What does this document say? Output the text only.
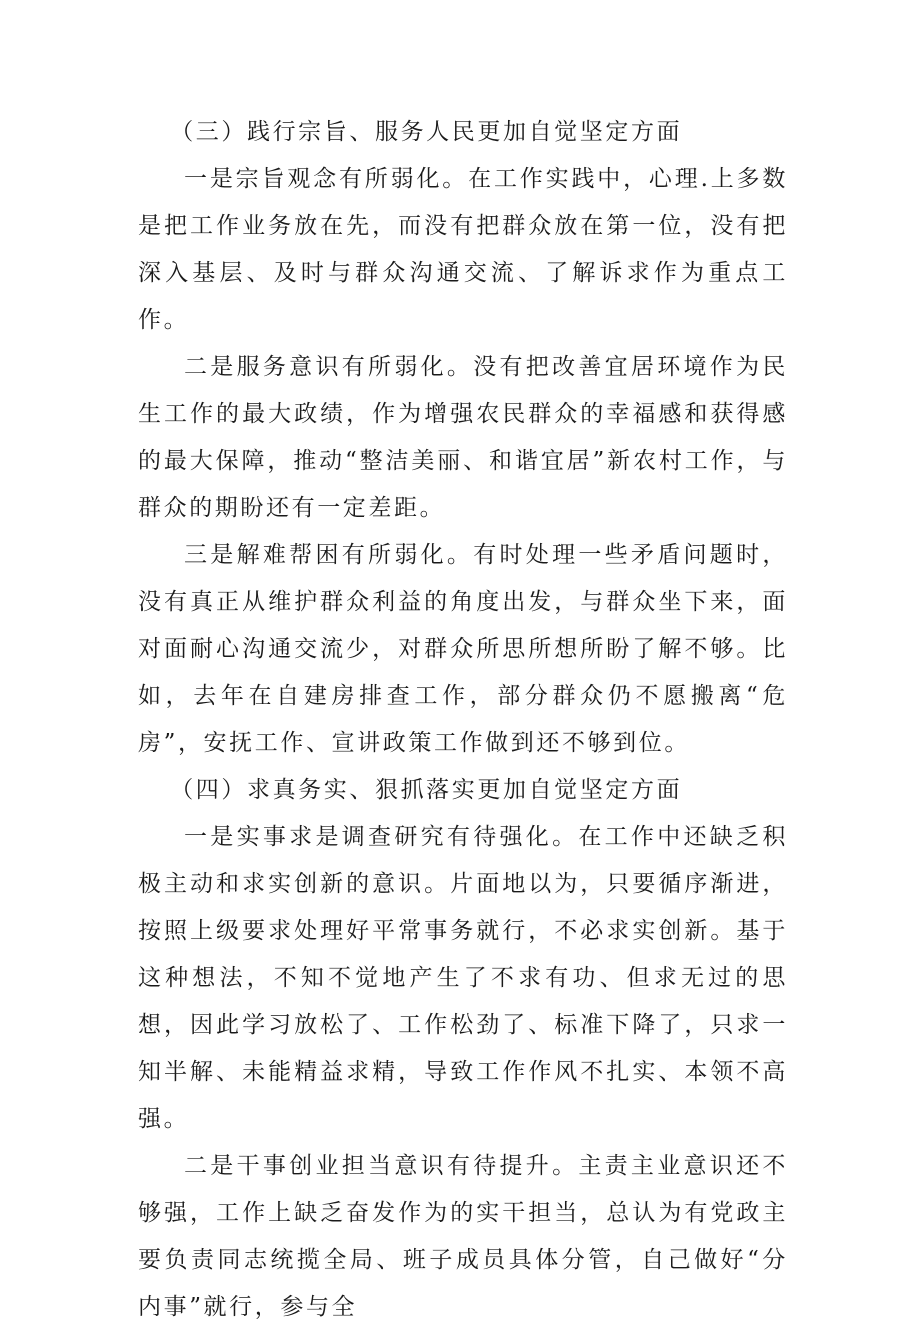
（三）践行宗旨、服务人民更加自觉坚定方面

一是宗旨观念有所弱化。在工作实践中，心理.上多数是把工作业务放在先，而没有把群众放在第一位，没有把深入基层、及时与群众沟通交流、了解诉求作为重点工作。

二是服务意识有所弱化。没有把改善宜居环境作为民生工作的最大政绩，作为增强农民群众的幸福感和获得感的最大保障，推动“整洁美丽、和谐宜居”新农村工作，与群众的期盼还有一定差距。

三是解难帮困有所弱化。有时处理一些矛盾问题时，没有真正从维护群众利益的角度出发，与群众坐下来，面对面耐心沟通交流少，对群众所思所想所盼了解不够。比如，去年在自建房排查工作，部分群众仍不愿搬离“危房”，安抚工作、宣讲政策工作做到还不够到位。

（四）求真务实、狠抓落实更加自觉坚定方面

一是实事求是调查研究有待强化。在工作中还缺乏积极主动和求实创新的意识。片面地以为，只要循序渐进，按照上级要求处理好平常事务就行，不必求实创新。基于这种想法，不知不觉地产生了不求有功、但求无过的思想，因此学习放松了、工作松劲了、标准下降了，只求一知半解、未能精益求精，导致工作作风不扎实、本领不高强。

二是干事创业担当意识有待提升。主责主业意识还不够强，工作上缺乏奋发作为的实干担当，总认为有党政主要负责同志统揽全局、班子成员具体分管，自己做好“分内事”就行，参与全
